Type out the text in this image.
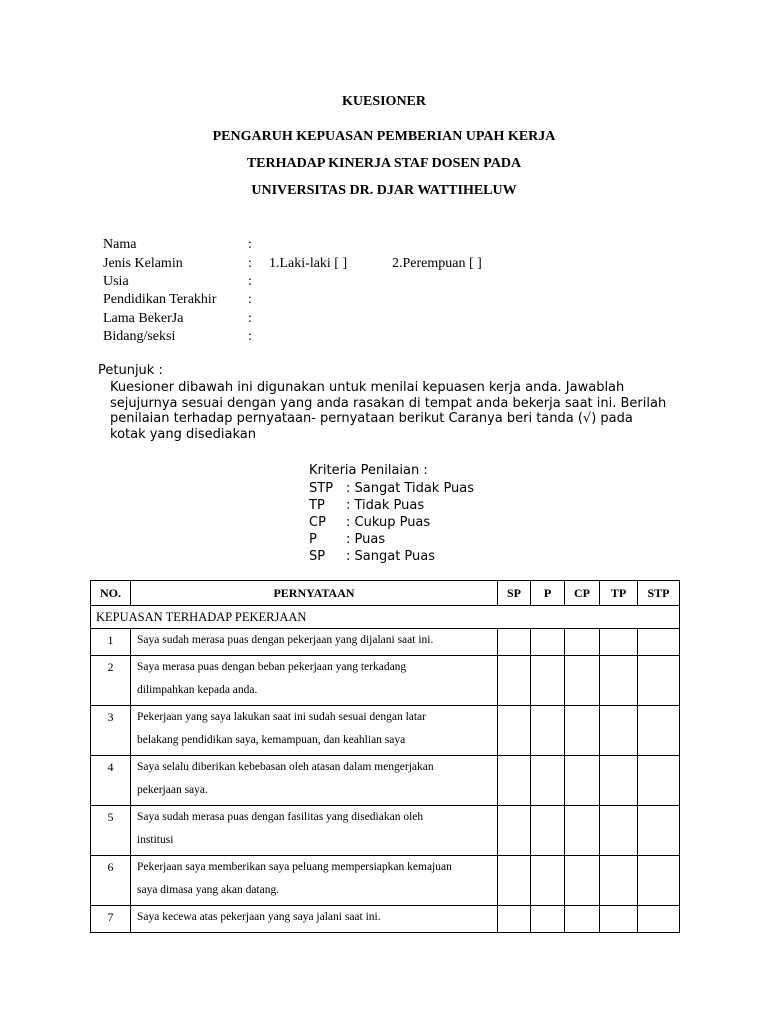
KUESIONER
PENGARUH KEPUASAN PEMBERIAN UPAH KERJA
TERHADAP KINERJA STAF DOSEN PADA
UNIVERSITAS DR. DJAR WATTIHELUW
Nama	:
Jenis Kelamin	: 1.Laki-laki [ ]	2.Perempuan [ ]
Usia	:
Pendidikan Terakhir :
Lama BekerJa	:
Bidang/seksi	:
Petunjuk :
Kuesioner dibawah ini digunakan untuk menilai kepuasen kerja anda. Jawablah sejujurnya sesuai dengan yang anda rasakan di tempat anda bekerja saat ini. Berilah penilaian terhadap pernyataan- pernyataan berikut Caranya beri tanda (√) pada kotak yang disediakan
Kriteria Penilaian :
STP : Sangat Tidak Puas
TP : Tidak Puas
CP : Cukup Puas
P : Puas
SP : Sangat Puas
NO.	PERNYATAAN	SP	P	CP	TP	STP
KEPUASAN TERHADAP PEKERJAAN						
1	Saya sudah merasa puas dengan pekerjaan yang dijalani saat ini.					

2	Saya merasa puas dengan beban pekerjaan yang terkadang
dilimpahkan kepada anda.					

3	Pekerjaan yang saya lakukan saat ini sudah sesuai dengan latar
belakang pendidikan saya, kemampuan, dan keahlian saya					

4	Saya selalu diberikan kebebasan oleh atasan dalam mengerjakan
pekerjaan saya.					

5	Saya sudah merasa puas dengan fasilitas yang disediakan oleh
institusi					

6	Pekerjaan saya memberikan saya peluang mempersiapkan kemajuan
saya dimasa yang akan datang.					

7	Saya kecewa atas pekerjaan yang saya jalani saat ini.					
